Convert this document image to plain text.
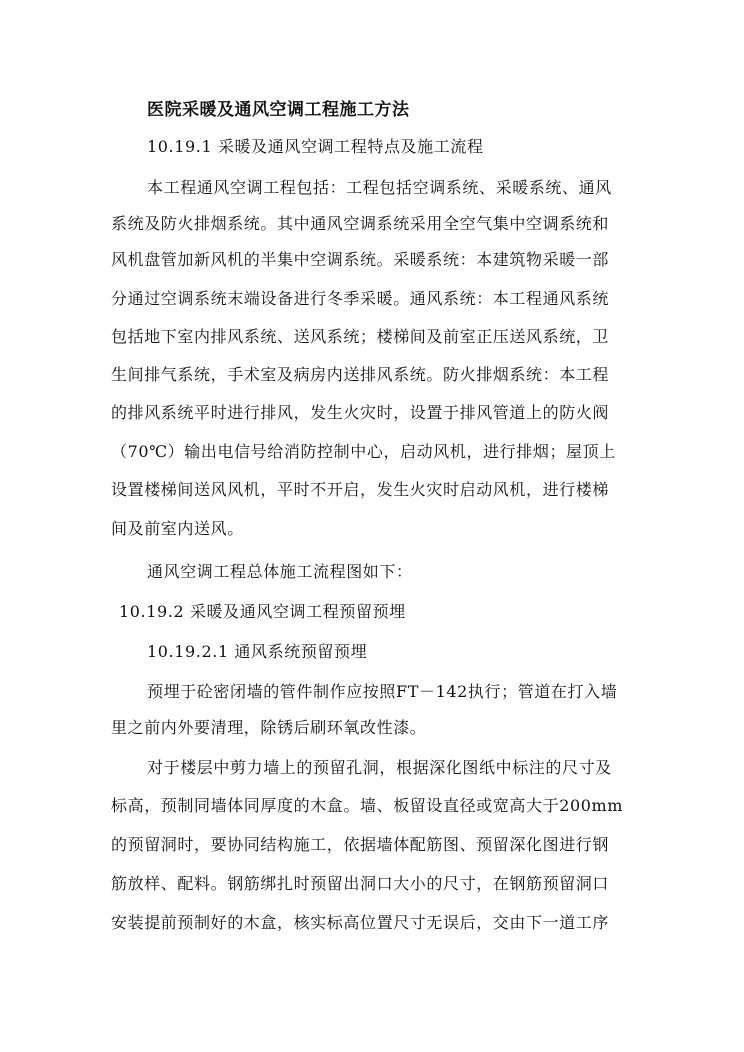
医院采暖及通风空调工程施工方法

10.19.1 采暖及通风空调工程特点及施工流程

本工程通风空调工程包括：工程包括空调系统、采暖系统、通风

系统及防火排烟系统。其中通风空调系统采用全空气集中空调系统和

风机盘管加新风机的半集中空调系统。采暖系统：本建筑物采暖一部

分通过空调系统末端设备进行冬季采暖。通风系统：本工程通风系统

包括地下室内排风系统、送风系统；楼梯间及前室正压送风系统，卫

生间排气系统，手术室及病房内送排风系统。防火排烟系统：本工程

的排风系统平时进行排风，发生火灾时，设置于排风管道上的防火阀

（70℃）输出电信号给消防控制中心，启动风机，进行排烟；屋顶上

设置楼梯间送风风机，平时不开启，发生火灾时启动风机，进行楼梯

间及前室内送风。

通风空调工程总体施工流程图如下：

10.19.2 采暖及通风空调工程预留预埋

10.19.2.1 通风系统预留预埋

预埋于砼密闭墙的管件制作应按照FT－142执行；管道在打入墙

里之前内外要清理，除锈后刷环氧改性漆。

对于楼层中剪力墙上的预留孔洞，根据深化图纸中标注的尺寸及

标高，预制同墙体同厚度的木盒。墙、板留设直径或宽高大于200mm

的预留洞时，要协同结构施工，依据墙体配筋图、预留深化图进行钢

筋放样、配料。钢筋绑扎时预留出洞口大小的尺寸，在钢筋预留洞口

安装提前预制好的木盒，核实标高位置尺寸无误后，交由下一道工序
